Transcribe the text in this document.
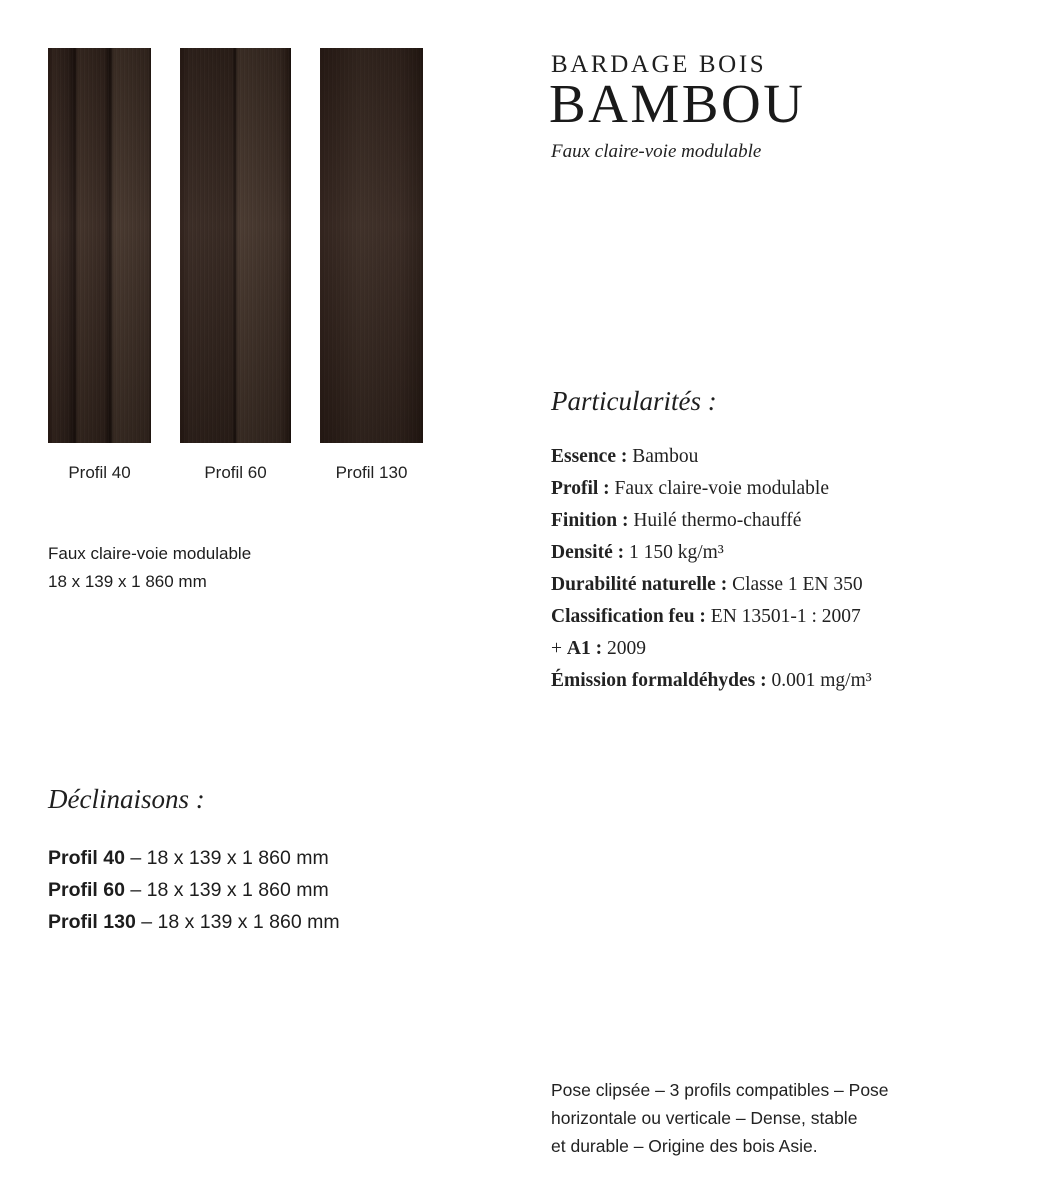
Profil 40	Profil 60	Profil 130
Faux claire-voie modulable
18 x 139 x 1 860 mm
Déclinaisons :
Profil 40 – 18 x 139 x 1 860 mm
Profil 60 – 18 x 139 x 1 860 mm
Profil 130 – 18 x 139 x 1 860 mm
BARDAGE BOIS
BAMBOU
Faux claire-voie modulable
Particularités :
Essence : Bambou
Profil : Faux claire-voie modulable
Finition : Huilé thermo-chauffé
Densité : 1 150 kg/m³
Durabilité naturelle : Classe 1 EN 350
Classification feu : EN 13501-1 : 2007
+ A1 : 2009
Émission formaldéhydes : 0.001 mg/m³
Pose clipsée – 3 profils compatibles – Pose
horizontale ou verticale – Dense, stable
et durable – Origine des bois Asie.
